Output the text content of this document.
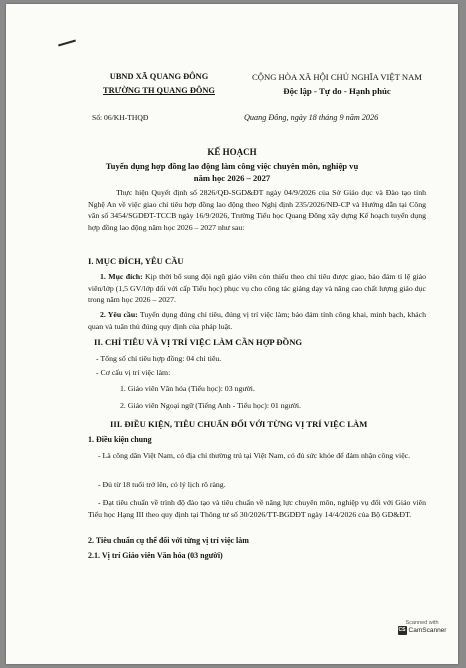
UBND XÃ QUANG ĐÔNG
TRƯỜNG TH QUANG ĐÔNG
CỘNG HÒA XÃ HỘI CHỦ NGHĨA VIỆT NAM
Độc lập - Tự do - Hạnh phúc
Số: 06/KH-THQĐ	Quang Đông, ngày 18 tháng 9 năm 2026
KẾ HOẠCH
Tuyển dụng hợp đồng lao động làm công việc chuyên môn, nghiệp vụ
năm học 2026 – 2027
Thực hiện Quyết định số 2826/QĐ-SGD&ĐT ngày 04/9/2026 của Sở Giáo dục và Đào tạo tỉnh Nghệ An về việc giao chỉ tiêu hợp đồng lao động theo Nghị định 235/2026/NĐ-CP và Hướng dẫn tại Công văn số 3454/SGDĐT-TCCB ngày 16/9/2026, Trường Tiểu học Quang Đông xây dựng Kế hoạch tuyển dụng hợp đồng lao động năm học 2026 – 2027 như sau:
I. MỤC ĐÍCH, YÊU CẦU
1. Mục đích: Kịp thời bổ sung đội ngũ giáo viên còn thiếu theo chỉ tiêu được giao, bảo đảm tỉ lệ giáo viên/lớp (1,5 GV/lớp đối với cấp Tiểu học) phục vụ cho công tác giảng dạy và nâng cao chất lượng giáo dục trong năm học 2026 – 2027.
2. Yêu cầu: Tuyển dụng đúng chỉ tiêu, đúng vị trí việc làm; bảo đảm tính công khai, minh bạch, khách quan và tuân thủ đúng quy định của pháp luật.
II. CHỈ TIÊU VÀ VỊ TRÍ VIỆC LÀM CẦN HỢP ĐỒNG
- Tổng số chỉ tiêu hợp đồng: 04 chỉ tiêu.
- Cơ cấu vị trí việc làm:
1. Giáo viên Văn hóa (Tiểu học): 03 người.
2. Giáo viên Ngoại ngữ (Tiếng Anh - Tiểu học): 01 người.
III. ĐIỀU KIỆN, TIÊU CHUẨN ĐỐI VỚI TỪNG VỊ TRÍ VIỆC LÀM
1. Điều kiện chung
- Là công dân Việt Nam, có địa chỉ thường trú tại Việt Nam, có đủ sức khỏe để đảm nhận công việc.
- Đủ từ 18 tuổi trở lên, có lý lịch rõ ràng.
- Đạt tiêu chuẩn về trình độ đào tạo và tiêu chuẩn về năng lực chuyên môn, nghiệp vụ đối với Giáo viên Tiểu học Hạng III theo quy định tại Thông tư số 30/2026/TT-BGDĐT ngày 14/4/2026 của Bộ GD&ĐT.
2. Tiêu chuẩn cụ thể đối với từng vị trí việc làm
2.1. Vị trí Giáo viên Văn hóa (03 người)
Scanned with
CS CamScanner
